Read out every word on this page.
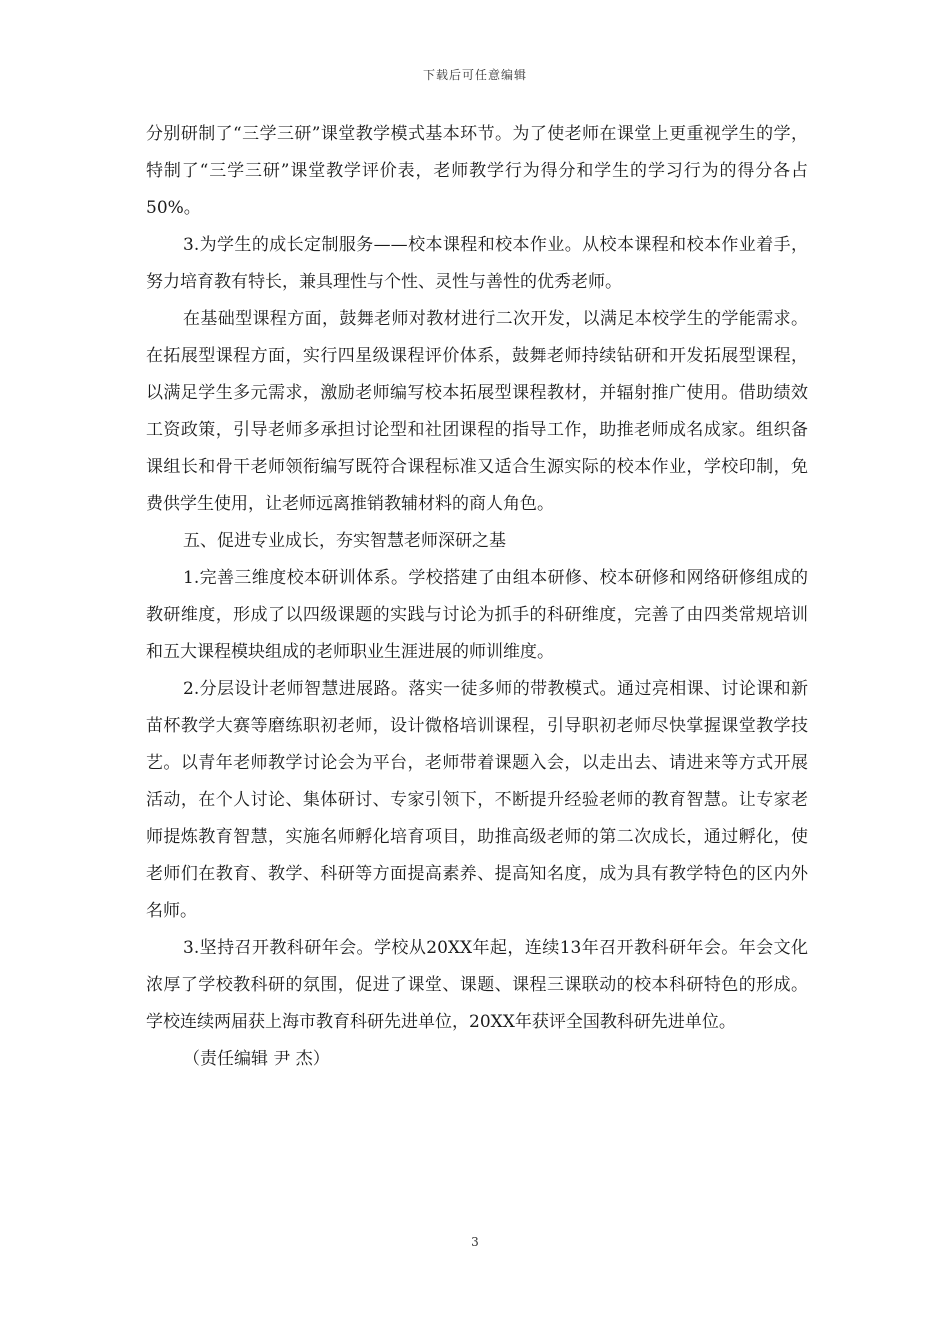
下载后可任意编辑

分别研制了“三学三研”课堂教学模式基本环节。为了使老师在课堂上更重视学生的学，特制了“三学三研”课堂教学评价表，老师教学行为得分和学生的学习行为的得分各占50%。

3.为学生的成长定制服务——校本课程和校本作业。从校本课程和校本作业着手，努力培育教有特长，兼具理性与个性、灵性与善性的优秀老师。

在基础型课程方面，鼓舞老师对教材进行二次开发，以满足本校学生的学能需求。在拓展型课程方面，实行四星级课程评价体系，鼓舞老师持续钻研和开发拓展型课程，以满足学生多元需求，激励老师编写校本拓展型课程教材，并辐射推广使用。借助绩效工资政策，引导老师多承担讨论型和社团课程的指导工作，助推老师成名成家。组织备课组长和骨干老师领衔编写既符合课程标准又适合生源实际的校本作业，学校印制，免费供学生使用，让老师远离推销教辅材料的商人角色。

五、促进专业成长，夯实智慧老师深研之基

1.完善三维度校本研训体系。学校搭建了由组本研修、校本研修和网络研修组成的教研维度，形成了以四级课题的实践与讨论为抓手的科研维度，完善了由四类常规培训和五大课程模块组成的老师职业生涯进展的师训维度。

2.分层设计老师智慧进展路。落实一徒多师的带教模式。通过亮相课、讨论课和新苗杯教学大赛等磨练职初老师，设计微格培训课程，引导职初老师尽快掌握课堂教学技艺。以青年老师教学讨论会为平台，老师带着课题入会，以走出去、请进来等方式开展活动，在个人讨论、集体研讨、专家引领下，不断提升经验老师的教育智慧。让专家老师提炼教育智慧，实施名师孵化培育项目，助推高级老师的第二次成长，通过孵化，使老师们在教育、教学、科研等方面提高素养、提高知名度，成为具有教学特色的区内外名师。

3.坚持召开教科研年会。学校从20XX年起，连续13年召开教科研年会。年会文化浓厚了学校教科研的氛围，促进了课堂、课题、课程三课联动的校本科研特色的形成。学校连续两届获上海市教育科研先进单位，20XX年获评全国教科研先进单位。

（责任编辑 尹 杰）

3
